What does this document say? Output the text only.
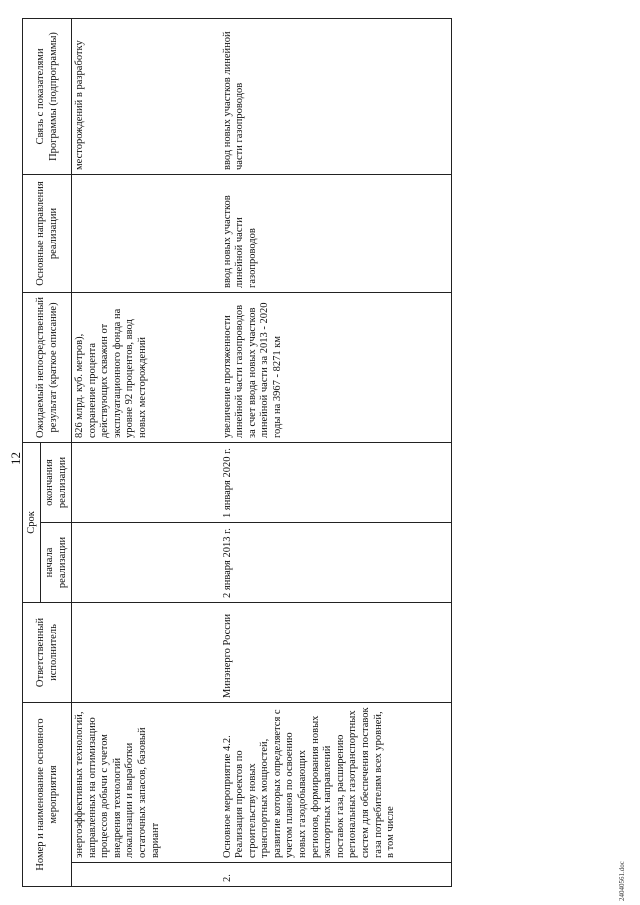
12
Номер и наименование основного мероприятия		Ответственный исполнитель	Срок		Ожидаемый непосредственный результат (краткое описание)	Основные направления реализации	Связь с показателями Программы (подпрограммы)
			начала реализации	окончания реализации			
	энергоэффективных технологий, направленных на оптимизацию процессов добычи с учетом внедрения технологий локализации и выработки остаточных запасов, базовый вариант				826 млрд. куб. метров), сохранение процента действующих скважин от эксплуатационного фонда на уровне 92 процентов, ввод новых месторождений		месторождений в разработку
2.	Основное мероприятие 4.2. Реализация проектов по строительству новых транспортных мощностей, развитие которых определяется с учетом планов по освоению новых газодобывающих регионов, формирования новых экспортных направлений поставок газа, расширению региональных газотранспортных систем для обеспечения поставок газа потребителям всех уровней, в том числе	Минэнерго России	2 января 2013 г.	1 января 2020 г.	увеличение протяженности линейной части газопроводов за счет ввода новых участков линейной части за 2013 - 2020 годы на 3967 - 8271 км	ввод новых участков линейной части газопроводов	ввод новых участков линейной части газопроводов
24040561.doc
